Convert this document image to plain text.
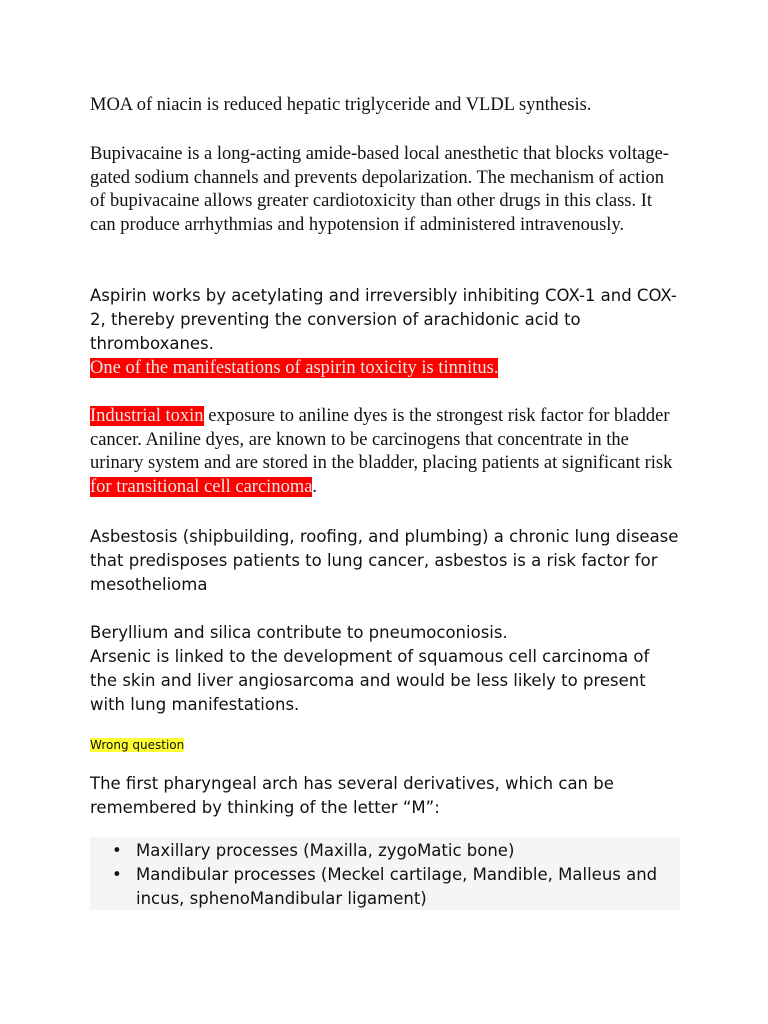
MOA of niacin is reduced hepatic triglyceride and VLDL synthesis.

Bupivacaine is a long-acting amide-based local anesthetic that blocks voltage-gated sodium channels and prevents depolarization. The mechanism of action of bupivacaine allows greater cardiotoxicity than other drugs in this class. It can produce arrhythmias and hypotension if administered intravenously.

Aspirin works by acetylating and irreversibly inhibiting COX-1 and COX-2, thereby preventing the conversion of arachidonic acid to thromboxanes.

One of the manifestations of aspirin toxicity is tinnitus.

Industrial toxin exposure to aniline dyes is the strongest risk factor for bladder cancer. Aniline dyes, are known to be carcinogens that concentrate in the urinary system and are stored in the bladder, placing patients at significant risk for transitional cell carcinoma.

Asbestosis (shipbuilding, roofing, and plumbing) a chronic lung disease that predisposes patients to lung cancer, asbestos is a risk factor for mesothelioma

Beryllium and silica contribute to pneumoconiosis.

Arsenic is linked to the development of squamous cell carcinoma of the skin and liver angiosarcoma and would be less likely to present with lung manifestations.

Wrong question

The first pharyngeal arch has several derivatives, which can be remembered by thinking of the letter “M”:

• Maxillary processes (Maxilla, zygoMatic bone)
• Mandibular processes (Meckel cartilage, Mandible, Malleus and incus, sphenoMandibular ligament)
